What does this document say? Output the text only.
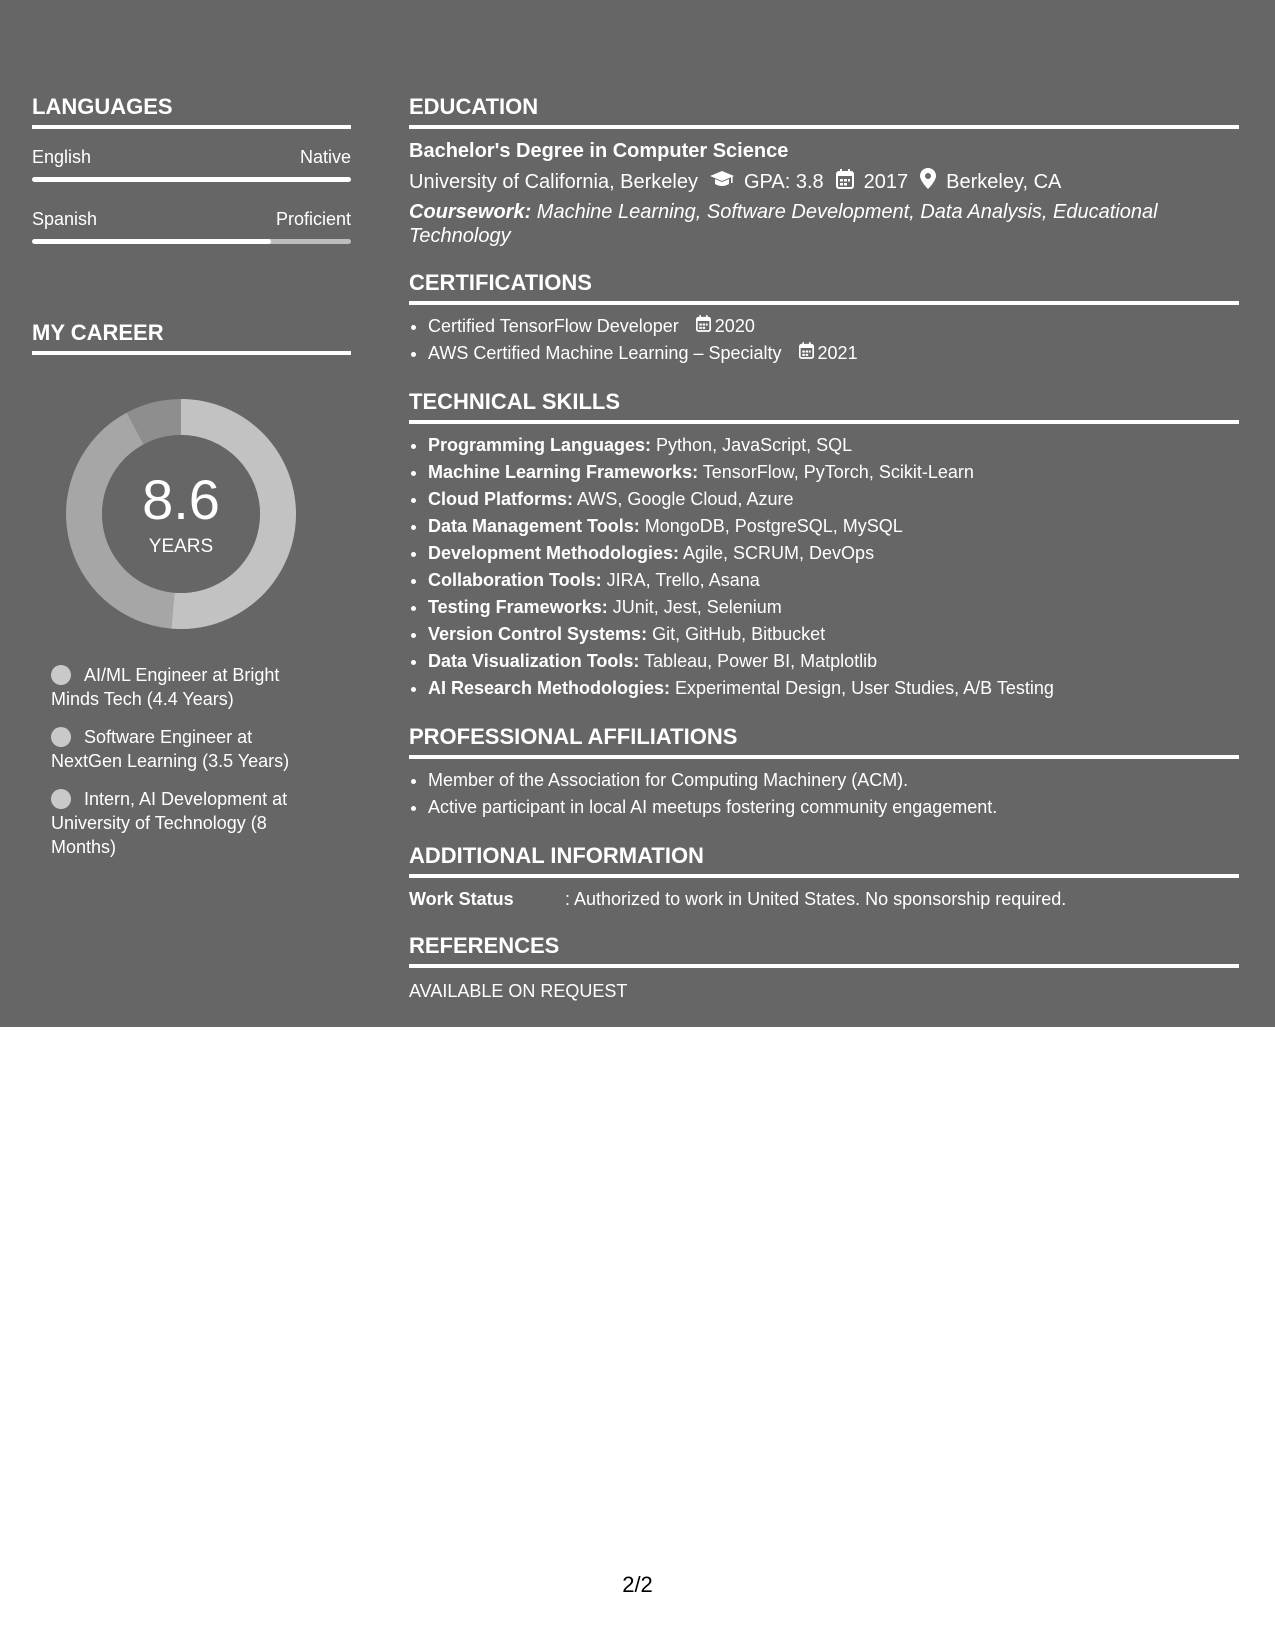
LANGUAGES
English	Native
Spanish	Proficient
MY CAREER
8.6
YEARS
AI/ML Engineer at Bright Minds Tech (4.4 Years)
Software Engineer at NextGen Learning (3.5 Years)
Intern, AI Development at University of Technology (8 Months)
EDUCATION
Bachelor's Degree in Computer Science
University of California, Berkeley GPA: 3.8 2017 Berkeley, CA
Coursework: Machine Learning, Software Development, Data Analysis, Educational Technology
CERTIFICATIONS
• Certified TensorFlow Developer 2020
• AWS Certified Machine Learning – Specialty 2021
TECHNICAL SKILLS
• Programming Languages: Python, JavaScript, SQL
• Machine Learning Frameworks: TensorFlow, PyTorch, Scikit-Learn
• Cloud Platforms: AWS, Google Cloud, Azure
• Data Management Tools: MongoDB, PostgreSQL, MySQL
• Development Methodologies: Agile, SCRUM, DevOps
• Collaboration Tools: JIRA, Trello, Asana
• Testing Frameworks: JUnit, Jest, Selenium
• Version Control Systems: Git, GitHub, Bitbucket
• Data Visualization Tools: Tableau, Power BI, Matplotlib
• AI Research Methodologies: Experimental Design, User Studies, A/B Testing
PROFESSIONAL AFFILIATIONS
• Member of the Association for Computing Machinery (ACM).
• Active participant in local AI meetups fostering community engagement.
ADDITIONAL INFORMATION
Work Status	: Authorized to work in United States. No sponsorship required.
REFERENCES
AVAILABLE ON REQUEST
2/2
